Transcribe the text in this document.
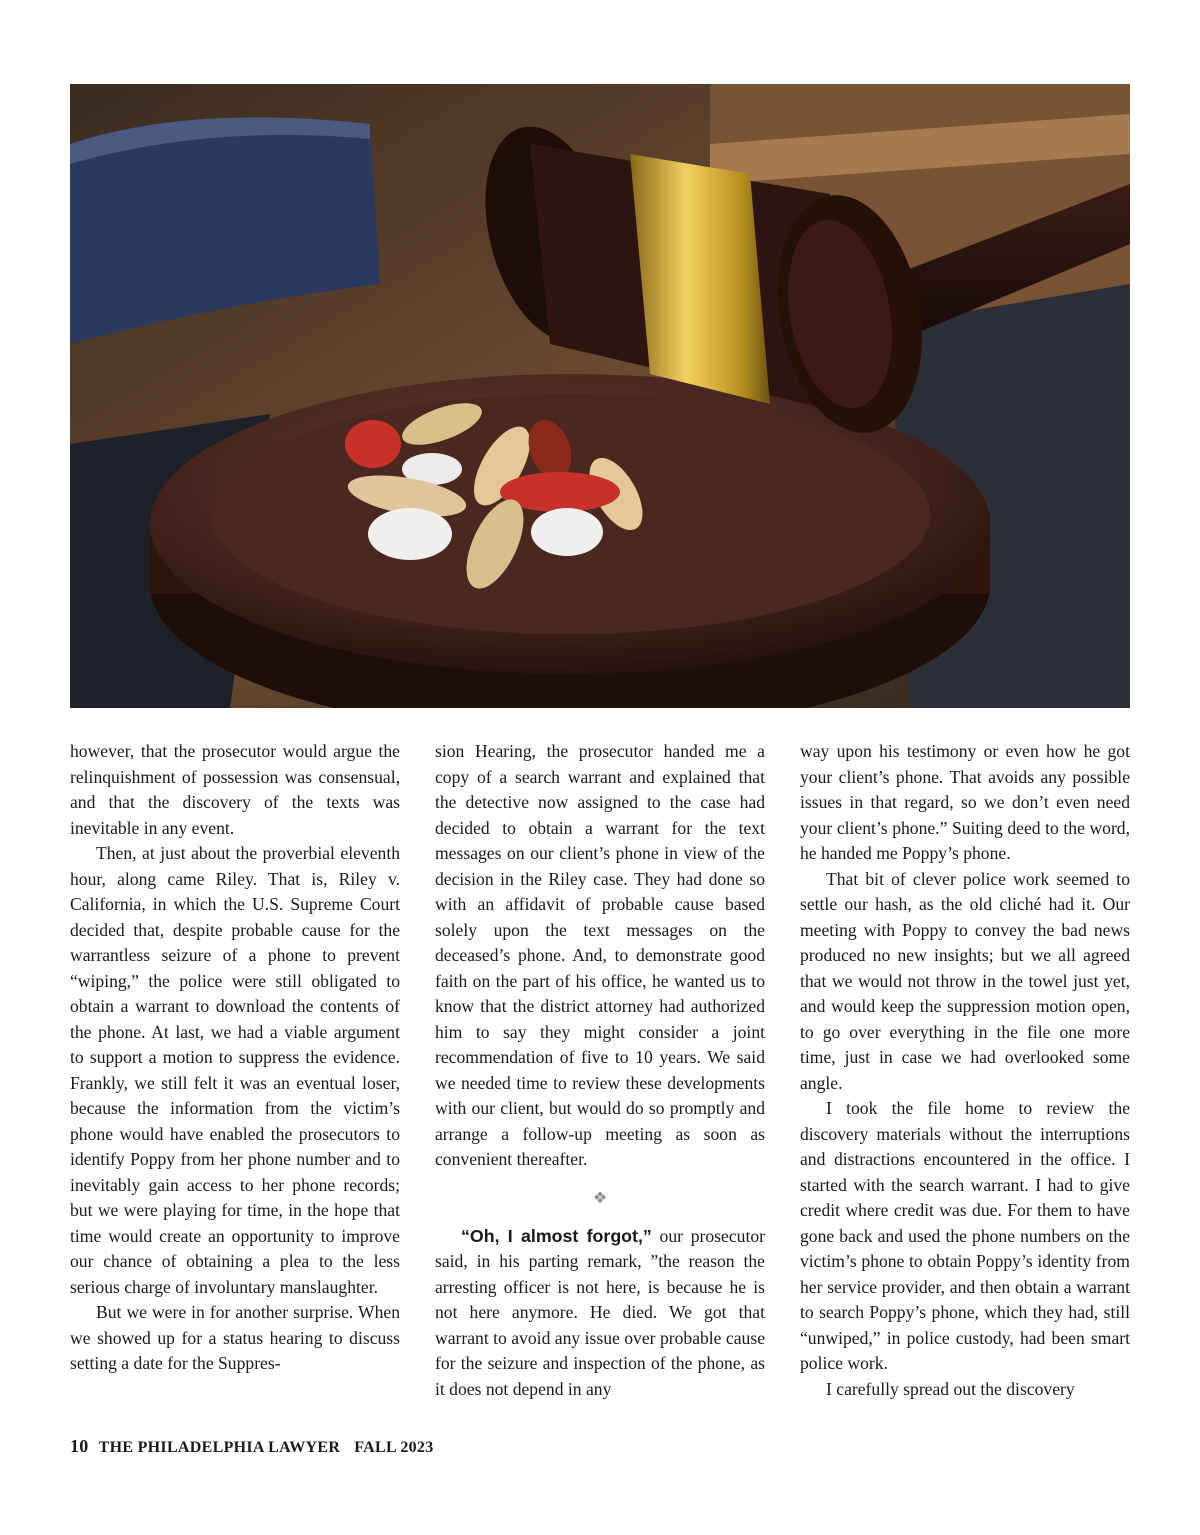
however, that the prosecutor would argue the relinquishment of possession was consensual, and that the discovery of the texts was inevitable in any event.

Then, at just about the proverbial eleventh hour, along came Riley. That is, Riley v. California, in which the U.S. Supreme Court decided that, despite probable cause for the warrantless seizure of a phone to prevent “wiping,” the police were still obligated to obtain a warrant to download the contents of the phone. At last, we had a viable argument to support a motion to suppress the evidence. Frankly, we still felt it was an eventual loser, because the information from the victim’s phone would have enabled the prosecutors to identify Poppy from her phone number and to inevitably gain access to her phone records; but we were playing for time, in the hope that time would create an opportunity to improve our chance of obtaining a plea to the less serious charge of involuntary manslaughter.

But we were in for another surprise. When we showed up for a status hearing to discuss setting a date for the Suppres-

sion Hearing, the prosecutor handed me a copy of a search warrant and explained that the detective now assigned to the case had decided to obtain a warrant for the text messages on our client’s phone in view of the decision in the Riley case. They had done so with an affidavit of probable cause based solely upon the text messages on the deceased’s phone. And, to demonstrate good faith on the part of his office, he wanted us to know that the district attorney had authorized him to say they might consider a joint recommendation of five to 10 years. We said we needed time to review these developments with our client, but would do so promptly and arrange a follow-up meeting as soon as convenient thereafter.

❖

“Oh, I almost forgot,” our prosecutor said, in his parting remark, ”the reason the arresting officer is not here, is because he is not here anymore. He died. We got that warrant to avoid any issue over probable cause for the seizure and inspection of the phone, as it does not depend in any

way upon his testimony or even how he got your client’s phone. That avoids any possible issues in that regard, so we don’t even need your client’s phone.” Suiting deed to the word, he handed me Poppy’s phone.

That bit of clever police work seemed to settle our hash, as the old cliché had it. Our meeting with Poppy to convey the bad news produced no new insights; but we all agreed that we would not throw in the towel just yet, and would keep the suppression motion open, to go over everything in the file one more time, just in case we had overlooked some angle.

I took the file home to review the discovery materials without the interruptions and distractions encountered in the office. I started with the search warrant. I had to give credit where credit was due. For them to have gone back and used the phone numbers on the victim’s phone to obtain Poppy’s identity from her service provider, and then obtain a warrant to search Poppy’s phone, which they had, still “unwiped,” in police custody, had been smart police work.

I carefully spread out the discovery

10 THE PHILADELPHIA LAWYER FALL 2023
